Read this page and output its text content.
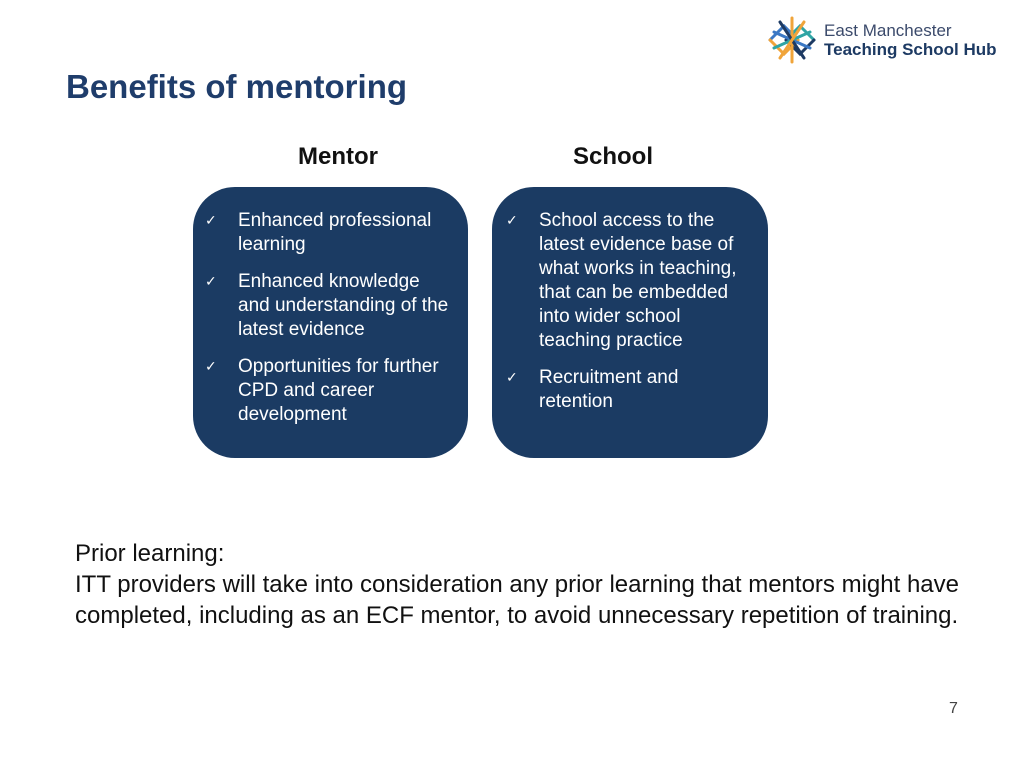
East Manchester
Teaching School Hub
Benefits of mentoring
Mentor	School
✓	Enhanced professional learning
✓	Enhanced knowledge and understanding of the latest evidence
✓	Opportunities for further CPD and career development
✓	School access to the latest evidence base of what works in teaching, that can be embedded into wider school teaching practice
✓	Recruitment and retention

Prior learning:

ITT providers will take into consideration any prior learning that mentors might have completed, including as an ECF mentor, to avoid unnecessary repetition of training.

7
